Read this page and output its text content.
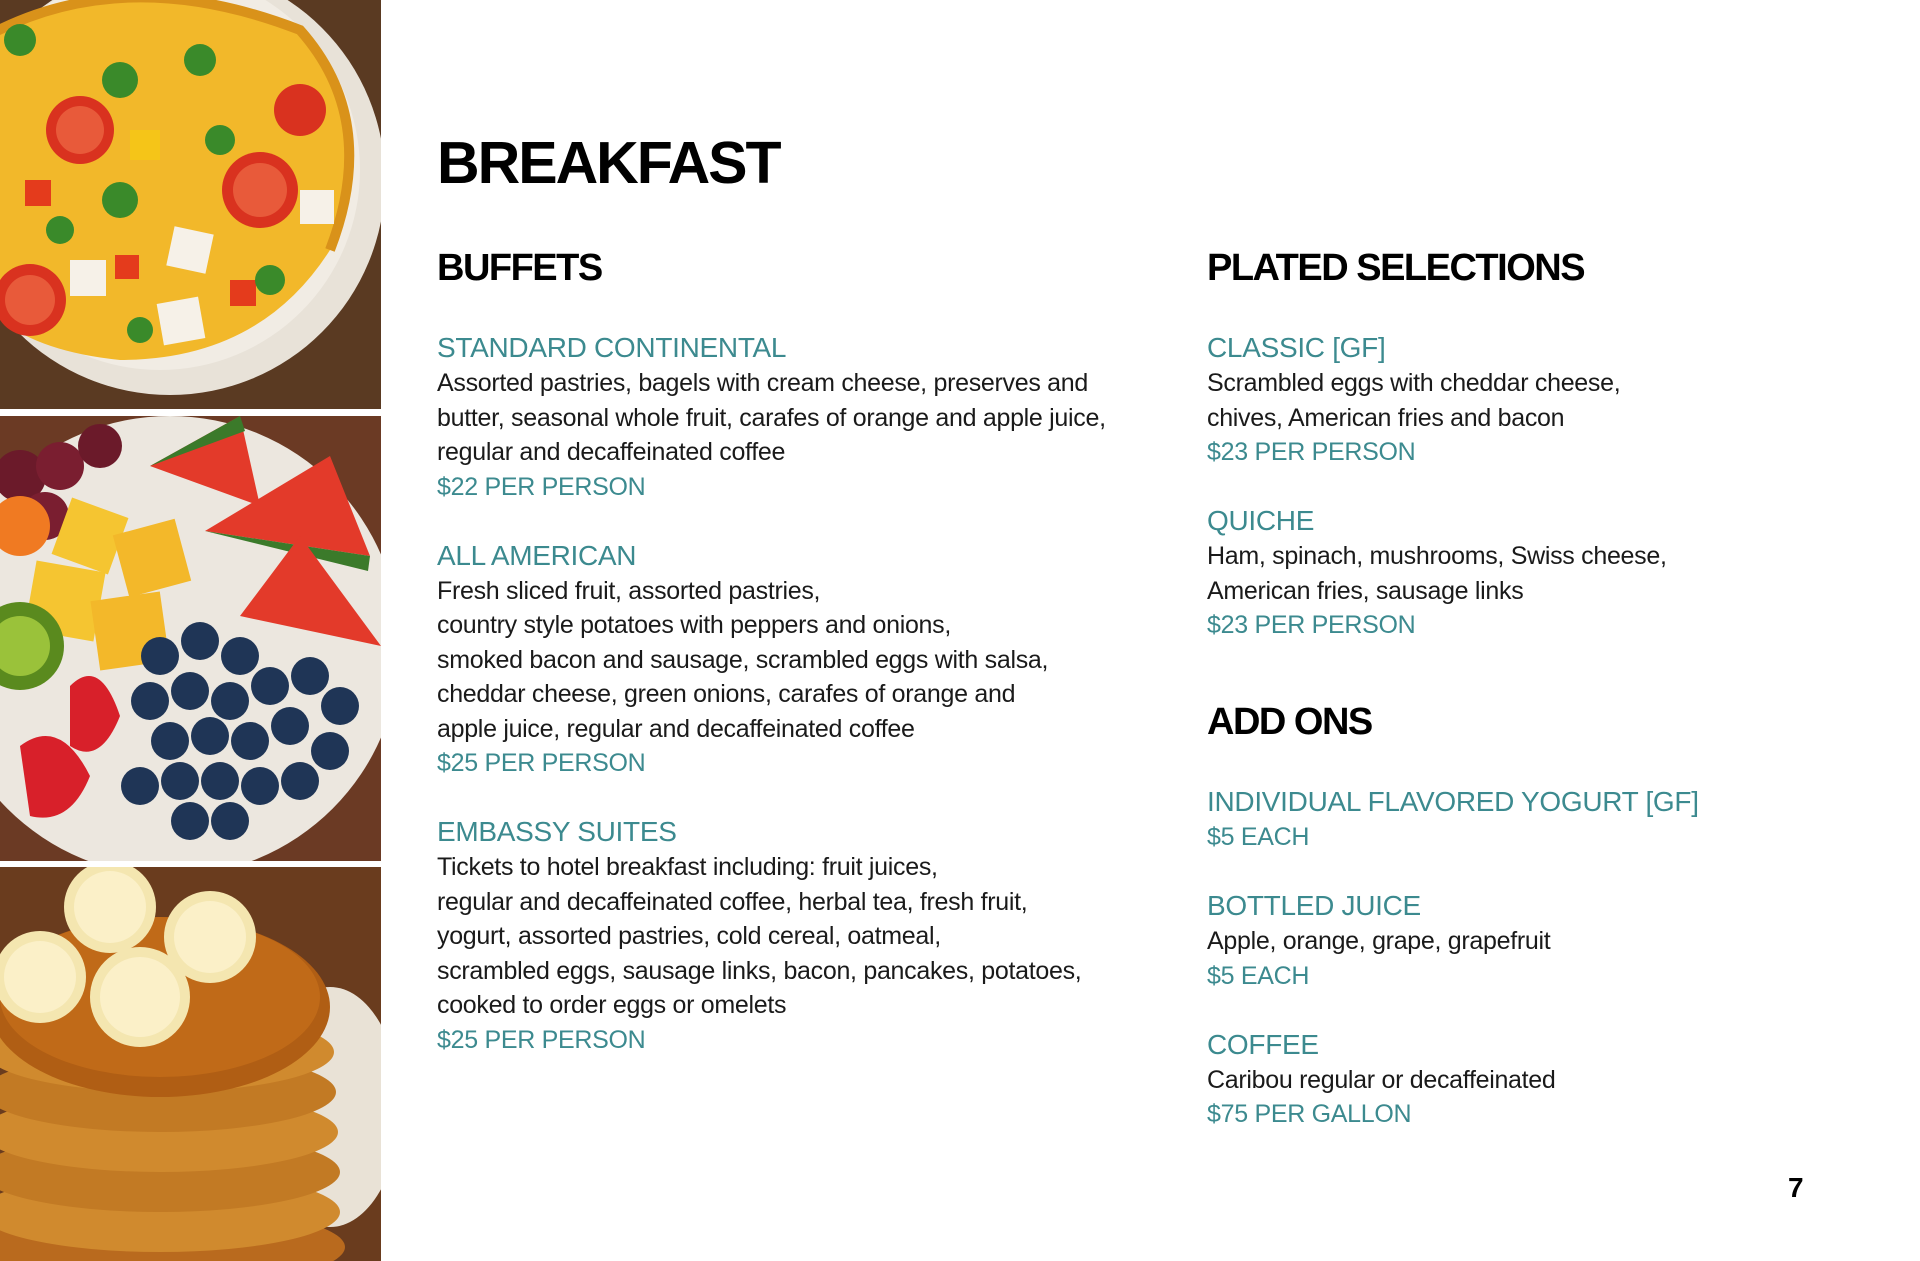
BREAKFAST
BUFFETS
STANDARD CONTINENTAL
Assorted pastries, bagels with cream cheese, preserves and
butter, seasonal whole fruit, carafes of orange and apple juice,
regular and decaffeinated coffee
$22 PER PERSON
ALL AMERICAN
Fresh sliced fruit, assorted pastries,
country style potatoes with peppers and onions,
smoked bacon and sausage, scrambled eggs with salsa,
cheddar cheese, green onions, carafes of orange and
apple juice, regular and decaffeinated coffee
$25 PER PERSON
EMBASSY SUITES
Tickets to hotel breakfast including: fruit juices,
regular and decaffeinated coffee, herbal tea, fresh fruit,
yogurt, assorted pastries, cold cereal, oatmeal,
scrambled eggs, sausage links, bacon, pancakes, potatoes,
cooked to order eggs or omelets
$25 PER PERSON
PLATED SELECTIONS
CLASSIC [GF]
Scrambled eggs with cheddar cheese,
chives, American fries and bacon
$23 PER PERSON
QUICHE
Ham, spinach, mushrooms, Swiss cheese,
American fries, sausage links
$23 PER PERSON
ADD ONS
INDIVIDUAL FLAVORED YOGURT [GF]
$5 EACH
BOTTLED JUICE
Apple, orange, grape, grapefruit
$5 EACH
COFFEE
Caribou regular or decaffeinated
$75 PER GALLON
7
